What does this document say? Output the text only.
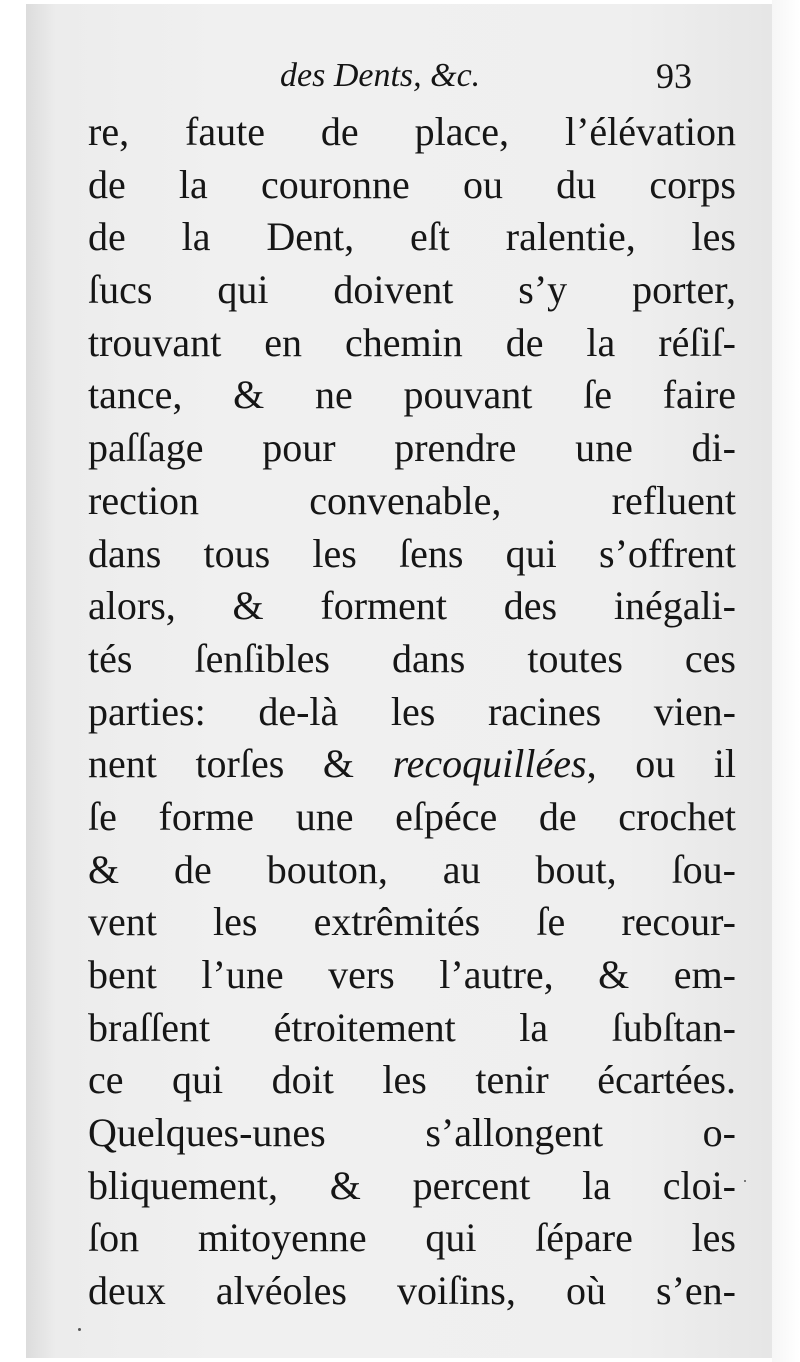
des Dents, &c.	93
re, faute de place, l’élévation
de la couronne ou du corps
de la Dent, eſt ralentie, les
ſucs qui doivent s’y porter,
trouvant en chemin de la réſiſ-
tance, & ne pouvant ſe faire
paſſage pour prendre une di-
rection convenable, refluent
dans tous les ſens qui s’offrent
alors, & forment des inégali-
tés ſenſibles dans toutes ces
parties: de-là les racines vien-
nent torſes & recoquillées, ou il
ſe forme une eſpéce de crochet
& de bouton, au bout, ſou-
vent les extrêmités ſe recour-
bent l’une vers l’autre, & em-
braſſent étroitement la ſubſtan-
ce qui doit les tenir écartées.
Quelques-unes s’allongent o-
bliquement, & percent la cloi-
ſon mitoyenne qui ſépare les
deux alvéoles voiſins, où s’en-
